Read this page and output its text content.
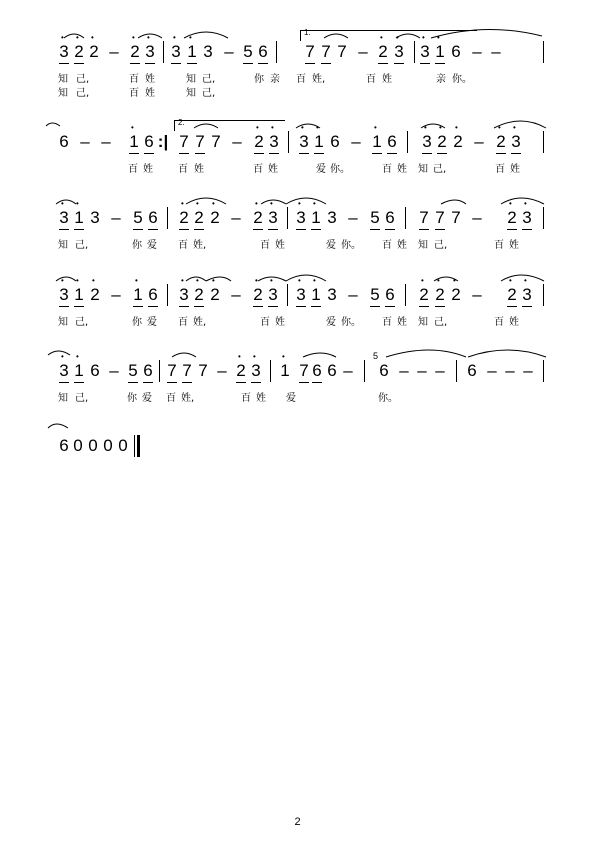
1.
• 3 • 2 • 2 – • 2 • 3 • 3 • 1 3 – 5 6 7 7 7 – • 2 • 3 • 3 • 1 6 – –
知 己,	百 姓	知 己,	你 亲 百 姓,	百 姓	亲 你。
知 己,	百 姓	知 己,
2.
6 – – • 1 6 :| 7 7 7 – • 2 • 3 • 3 • 1 6 – • 1 6 • 3 • 2 • 2 – • 2 • 3
百 姓	百 姓	百 姓	爱 你。	百 姓 知 己,	百 姓
• 3 • 1 3 – 5 6 • 2 • 2 • 2 – • 2 • 3 • 3 • 1 3 – 5 6 7 7 7 – • 2 • 3
知 己,	你 爱 百 姓,	百 姓	爱 你。 百 姓 知 己,	百 姓
• 3 • 1 • 2 – • 1 6 • 3 • 2 • 2 – • 2 • 3 • 3 • 1 3 – 5 6 • 2 • 2 • 2 – • 2 • 3
知 己,	你 爱 百 姓,	百 姓	爱 你。 百 姓 知 己,	百 姓
• 3 • 1 6 – 5 6 7 7 7 – • 2 • 3 • 1 7 6 6 – 6 – – – 6 – – –
5
知 己,	你 爱 百 姓,	百 姓 爱	你。
6 0 0 0 0
2
